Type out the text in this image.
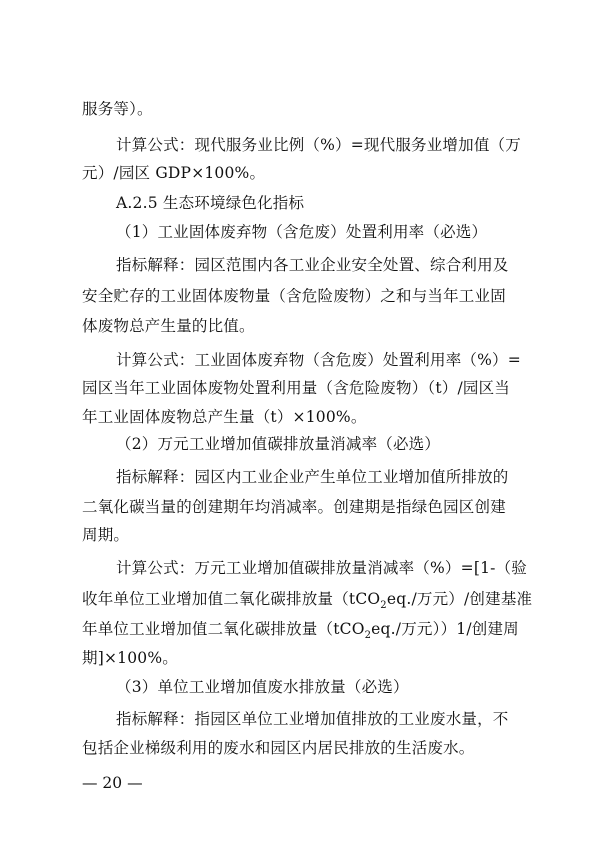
服务等）。
计算公式：现代服务业比例（%）=现代服务业增加值（万
元）/园区 GDP×100%。
A.2.5 生态环境绿色化指标
（1）工业固体废弃物（含危废）处置利用率（必选）
指标解释：园区范围内各工业企业安全处置、综合利用及
安全贮存的工业固体废物量（含危险废物）之和与当年工业固
体废物总产生量的比值。
计算公式：工业固体废弃物（含危废）处置利用率（%）=
园区当年工业固体废物处置利用量（含危险废物）（t）/园区当
年工业固体废物总产生量（t）×100%。
（2）万元工业增加值碳排放量消减率（必选）
指标解释：园区内工业企业产生单位工业增加值所排放的
二氧化碳当量的创建期年均消减率。创建期是指绿色园区创建
周期。
计算公式：万元工业增加值碳排放量消减率（%）=[1-（验
收年单位工业增加值二氧化碳排放量（tCO$_2$eq./万元）/创建基准
年单位工业增加值二氧化碳排放量（tCO$_2$eq./万元））1/创建周
期]×100%。
（3）单位工业增加值废水排放量（必选）
指标解释：指园区单位工业增加值排放的工业废水量，不
包括企业梯级利用的废水和园区内居民排放的生活废水。
— 20 —
